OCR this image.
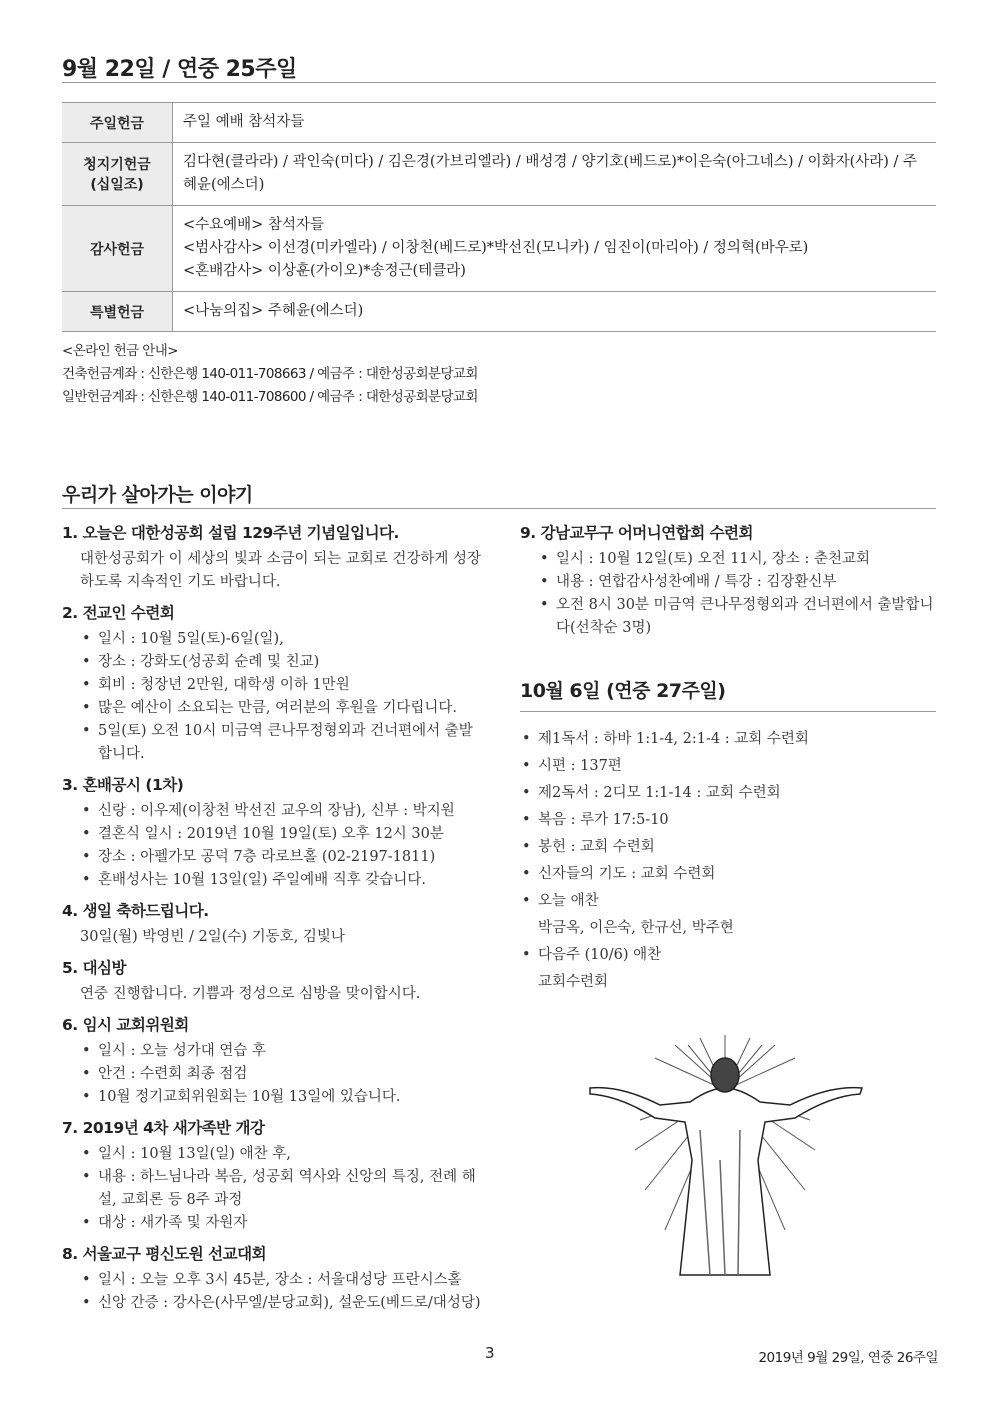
9월 22일 / 연중 25주일
주일헌금	주일 예배 참석자들
청지기헌금
(십일조)	김다현(클라라) / 곽인숙(미다) / 김은경(가브리엘라) / 배성경 / 양기호(베드로)*이은숙(아그네스) / 이화자(사라) / 주혜윤(에스더)
감사헌금	<수요예배> 참석자들
<범사감사> 이선경(미카엘라) / 이창천(베드로)*박선진(모니카) / 임진이(마리아) / 정의혁(바우로)
<혼배감사> 이상훈(가이오)*송정근(테클라)
특별헌금	<나눔의집> 주혜윤(에스더)
<온라인 헌금 안내>
건축헌금계좌 : 신한은행 140-011-708663 / 예금주 : 대한성공회분당교회
일반헌금계좌 : 신한은행 140-011-708600 / 예금주 : 대한성공회분당교회
우리가 살아가는 이야기
1. 오늘은 대한성공회 설립 129주년 기념일입니다.
대한성공회가 이 세상의 빛과 소금이 되는 교회로 건강하게 성장하도록 지속적인 기도 바랍니다.
2. 전교인 수련회
• 일시 : 10월 5일(토)-6일(일),
• 장소 : 강화도(성공회 순례 및 친교)
• 회비 : 청장년 2만원, 대학생 이하 1만원
• 많은 예산이 소요되는 만큼, 여러분의 후원을 기다립니다.
• 5일(토) 오전 10시 미금역 큰나무정형외과 건너편에서 출발합니다.
3. 혼배공시 (1차)
• 신랑 : 이우제(이창천 박선진 교우의 장남), 신부 : 박지원
• 결혼식 일시 : 2019년 10월 19일(토) 오후 12시 30분
• 장소 : 아펠가모 공덕 7층 라로브홀 (02-2197-1811)
• 혼배성사는 10월 13일(일) 주일예배 직후 갖습니다.
4. 생일 축하드립니다.
30일(월) 박영빈 / 2일(수) 기동호, 김빛나
5. 대심방
연중 진행합니다. 기쁨과 정성으로 심방을 맞이합시다.
6. 임시 교회위원회
• 일시 : 오늘 성가대 연습 후
• 안건 : 수련회 최종 점검
• 10월 정기교회위원회는 10월 13일에 있습니다.
7. 2019년 4차 새가족반 개강
• 일시 : 10월 13일(일) 애찬 후,
• 내용 : 하느님나라 복음, 성공회 역사와 신앙의 특징, 전례 해설, 교회론 등 8주 과정
• 대상 : 새가족 및 자원자
8. 서울교구 평신도원 선교대회
• 일시 : 오늘 오후 3시 45분, 장소 : 서울대성당 프란시스홀
• 신앙 간증 : 강사은(사무엘/분당교회), 설운도(베드로/대성당)
9. 강남교무구 어머니연합회 수련회
• 일시 : 10월 12일(토) 오전 11시, 장소 : 춘천교회
• 내용 : 연합감사성찬예배 / 특강 : 김장환신부
• 오전 8시 30분 미금역 큰나무정형외과 건너편에서 출발합니다(선착순 3명)
10월 6일 (연중 27주일)
• 제1독서 : 하바 1:1-4, 2:1-4 : 교회 수련회
• 시편 : 137편
• 제2독서 : 2디모 1:1-14 : 교회 수련회
• 복음 : 루가 17:5-10
• 봉헌 : 교회 수련회
• 신자들의 기도 : 교회 수련회
• 오늘 애찬
박금옥, 이은숙, 한규선, 박주현
• 다음주 (10/6) 애찬
교회수련회
3	2019년 9월 29일, 연중 26주일
